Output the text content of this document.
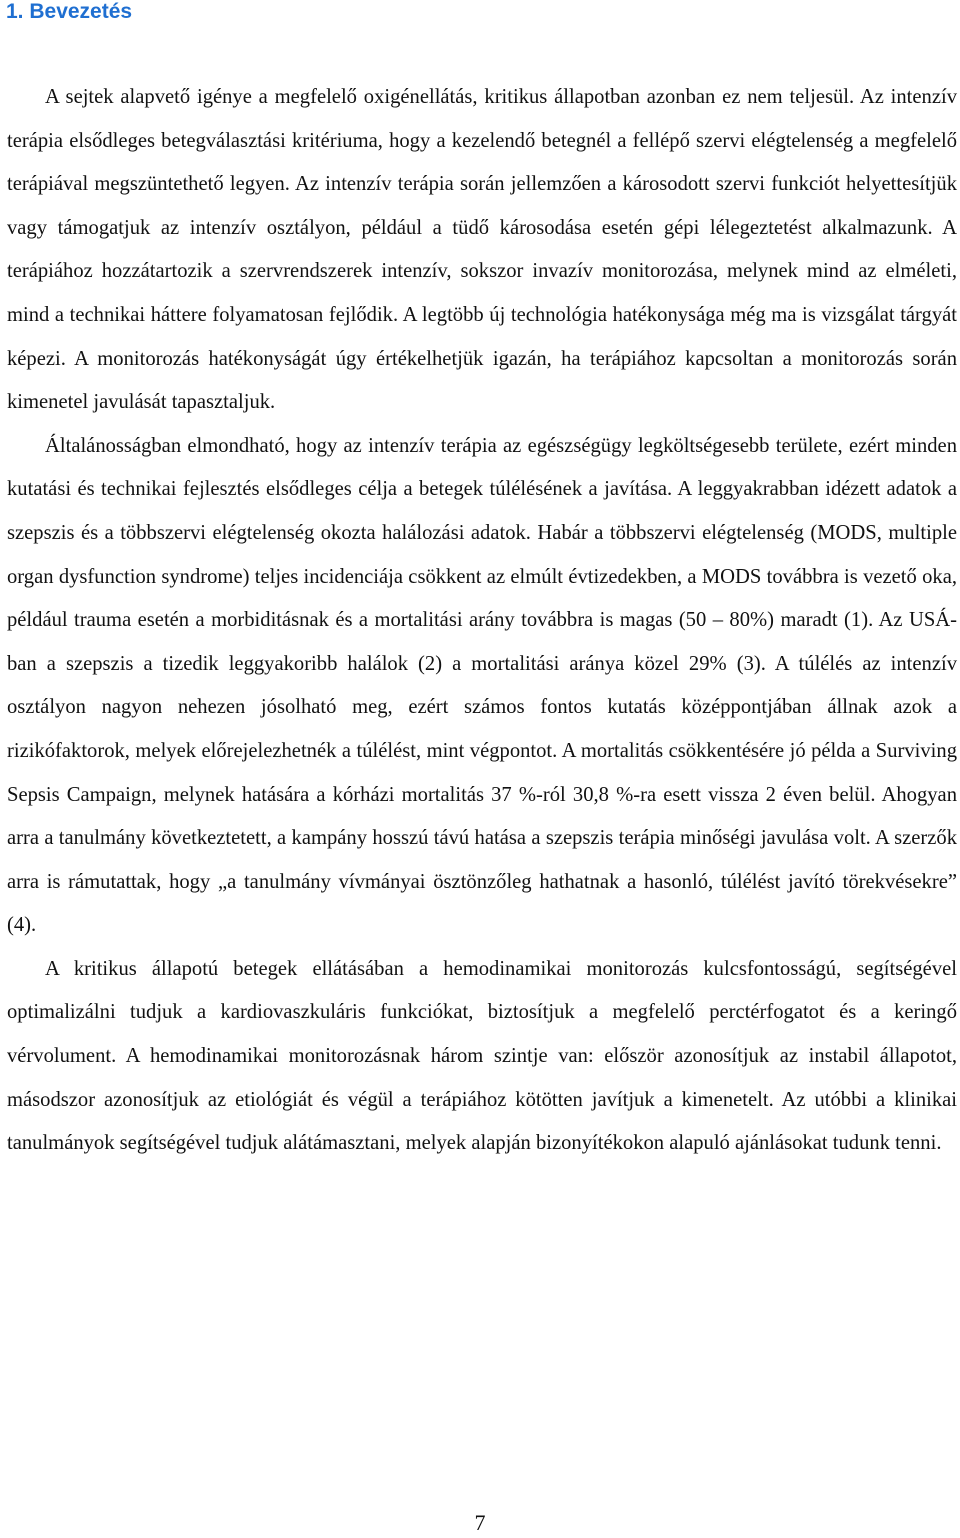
1. Bevezetés

A sejtek alapvető igénye a megfelelő oxigénellátás, kritikus állapotban azonban ez nem teljesül. Az intenzív terápia elsődleges betegválasztási kritériuma, hogy a kezelendő betegnél a fellépő szervi elégtelenség a megfelelő terápiával megszüntethető legyen. Az intenzív terápia során jellemzően a károsodott szervi funkciót helyettesítjük vagy támogatjuk az intenzív osztályon, például a tüdő károsodása esetén gépi lélegeztetést alkalmazunk. A terápiához hozzátartozik a szervrendszerek intenzív, sokszor invazív monitorozása, melynek mind az elméleti, mind a technikai háttere folyamatosan fejlődik. A legtöbb új technológia hatékonysága még ma is vizsgálat tárgyát képezi. A monitorozás hatékonyságát úgy értékelhetjük igazán, ha terápiához kapcsoltan a monitorozás során kimenetel javulását tapasztaljuk.

Általánosságban elmondható, hogy az intenzív terápia az egészségügy legköltségesebb területe, ezért minden kutatási és technikai fejlesztés elsődleges célja a betegek túlélésének a javítása. A leggyakrabban idézett adatok a szepszis és a többszervi elégtelenség okozta halálozási adatok. Habár a többszervi elégtelenség (MODS, multiple organ dysfunction syndrome) teljes incidenciája csökkent az elmúlt évtizedekben, a MODS továbbra is vezető oka, például trauma esetén a morbiditásnak és a mortalitási arány továbbra is magas (50 – 80%) maradt (1). Az USÁ-ban a szepszis a tizedik leggyakoribb halálok (2) a mortalitási aránya közel 29% (3). A túlélés az intenzív osztályon nagyon nehezen jósolható meg, ezért számos fontos kutatás középpontjában állnak azok a rizikófaktorok, melyek előrejelezhetnék a túlélést, mint végpontot. A mortalitás csökkentésére jó példa a Surviving Sepsis Campaign, melynek hatására a kórházi mortalitás 37 %-ról 30,8 %-ra esett vissza 2 éven belül. Ahogyan arra a tanulmány következtetett, a kampány hosszú távú hatása a szepszis terápia minőségi javulása volt. A szerzők arra is rámutattak, hogy „a tanulmány vívmányai ösztönzőleg hathatnak a hasonló, túlélést javító törekvésekre” (4).

A kritikus állapotú betegek ellátásában a hemodinamikai monitorozás kulcsfontosságú, segítségével optimalizálni tudjuk a kardiovaszkuláris funkciókat, biztosítjuk a megfelelő perctérfogatot és a keringő vérvolument. A hemodinamikai monitorozásnak három szintje van: először azonosítjuk az instabil állapotot, másodszor azonosítjuk az etiológiát és végül a terápiához kötötten javítjuk a kimenetelt. Az utóbbi a klinikai tanulmányok segítségével tudjuk alátámasztani, melyek alapján bizonyítékokon alapuló ajánlásokat tudunk tenni.

7
